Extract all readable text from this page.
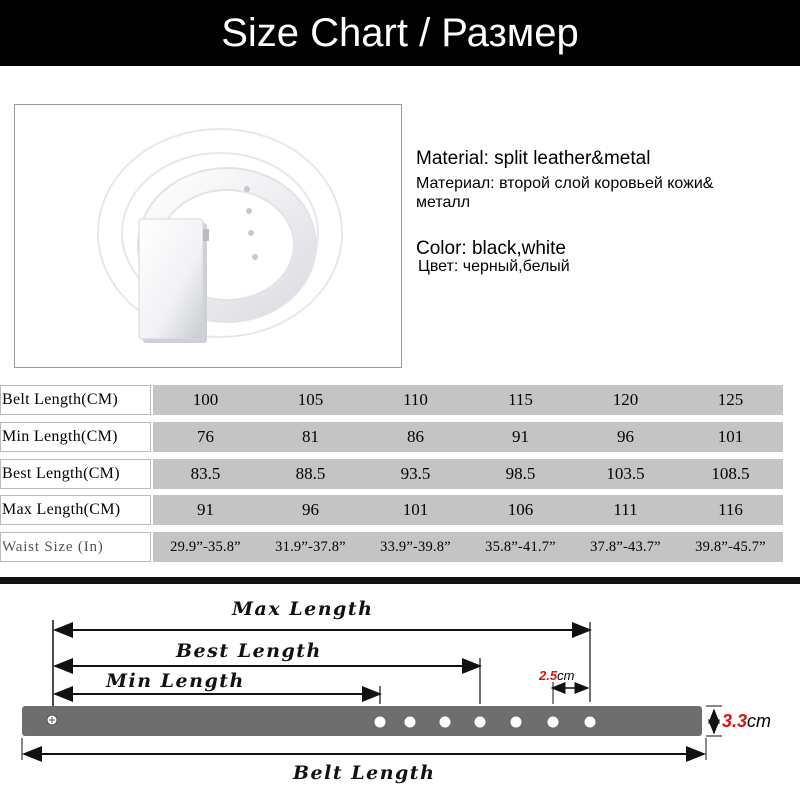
Size Chart / Размер
Material: split leather&metal
Материал: второй слой коровьей кожи&
металл
Color: black,white
Цвет: черный,белый
Belt Length(CM)	100	105	110	115	120	125
Min Length(CM)	76	81	86	91	96	101
Best Length(CM)	83.5	88.5	93.5	98.5	103.5	108.5
Max Length(CM)	91	96	101	106	111	116
Waist Size (In)	29.9”-35.8”	31.9”-37.8”	33.9”-39.8”	35.8”-41.7”	37.8”-43.7”	39.8”-45.7”
Max Length
Best Length
Min Length
Belt Length
2.5cm
3.3cm
